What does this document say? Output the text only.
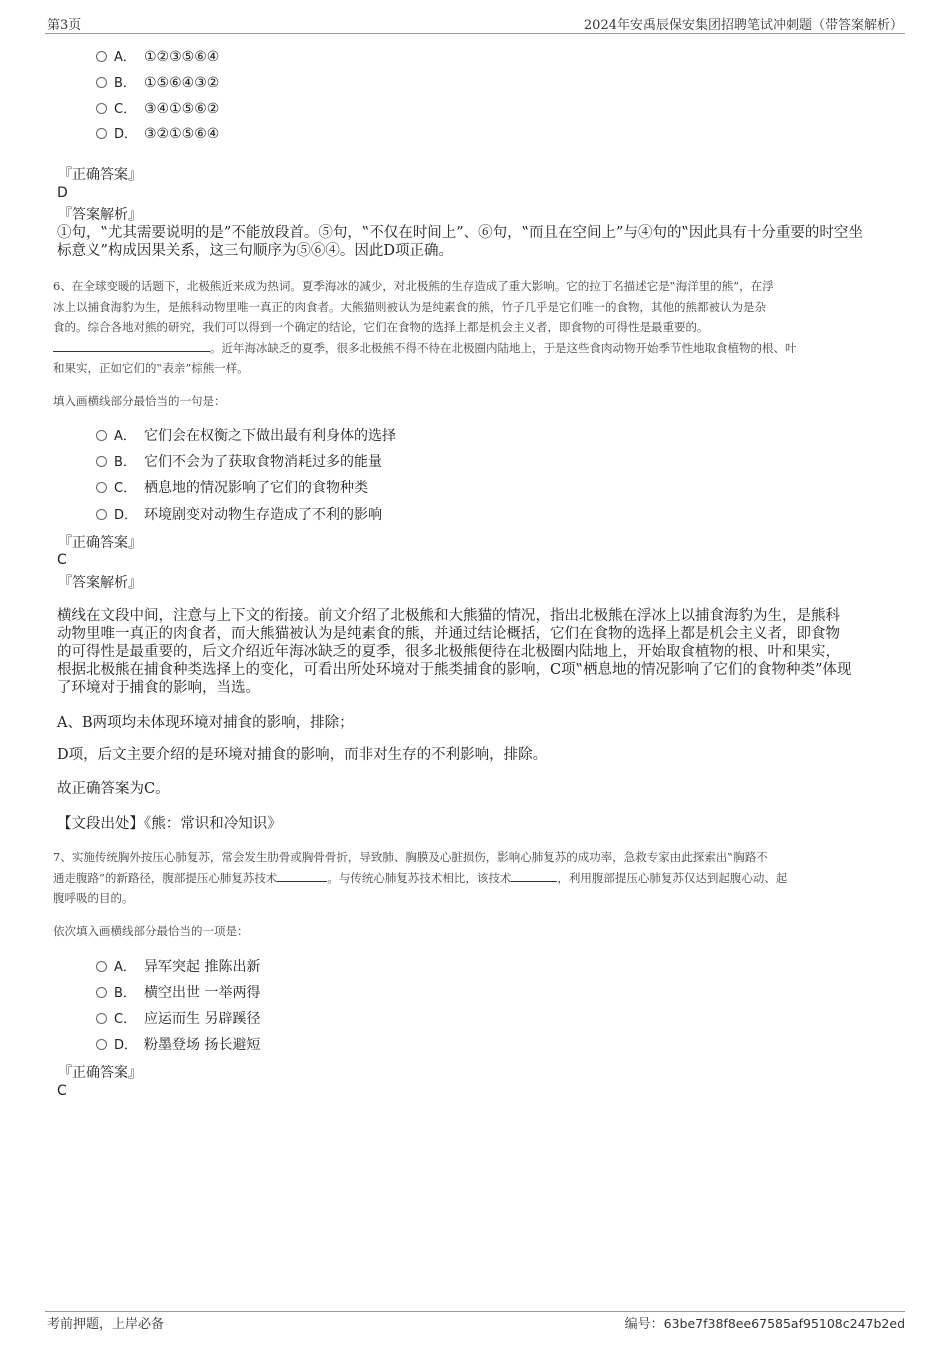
第3页	2024年安禹辰保安集团招聘笔试冲刺题（带答案解析）
A． ①②③⑤⑥④
B． ①⑤⑥④③②
C． ③④①⑤⑥②
D． ③②①⑤⑥④
『正确答案』
D
『答案解析』
①句，‟尤其需要说明的是”不能放段首。⑤句，‟不仅在时间上”、⑥句，‟而且在空间上”与④句的‟因此具有十分重要的时空坐
标意义”构成因果关系，这三句顺序为⑤⑥④。因此D项正确。
6、在全球变暖的话题下，北极熊近来成为热词。夏季海冰的减少，对北极熊的生存造成了重大影响。它的拉丁名描述它是‟海洋里的熊”，在浮
冰上以捕食海豹为生，是熊科动物里唯一真正的肉食者。大熊猫则被认为是纯素食的熊，竹子几乎是它们唯一的食物，其他的熊都被认为是杂
食的。综合各地对熊的研究，我们可以得到一个确定的结论，它们在食物的选择上都是机会主义者，即食物的可得性是最重要的。
。近年海冰缺乏的夏季，很多北极熊不得不待在北极圈内陆地上，于是这些食肉动物开始季节性地取食植物的根、叶
和果实，正如它们的‟表亲”棕熊一样。
填入画横线部分最恰当的一句是：
A． 它们会在权衡之下做出最有利身体的选择
B． 它们不会为了获取食物消耗过多的能量
C． 栖息地的情况影响了它们的食物种类
D． 环境剧变对动物生存造成了不利的影响
『正确答案』
C
『答案解析』
横线在文段中间，注意与上下文的衔接。前文介绍了北极熊和大熊猫的情况，指出北极熊在浮冰上以捕食海豹为生，是熊科
动物里唯一真正的肉食者，而大熊猫被认为是纯素食的熊，并通过结论概括，它们在食物的选择上都是机会主义者，即食物
的可得性是最重要的，后文介绍近年海冰缺乏的夏季，很多北极熊便待在北极圈内陆地上，开始取食植物的根、叶和果实，
根据北极熊在捕食种类选择上的变化，可看出所处环境对于熊类捕食的影响，C项‟栖息地的情况影响了它们的食物种类”体现
了环境对于捕食的影响，当选。
A、B两项均未体现环境对捕食的影响，排除；
D项，后文主要介绍的是环境对捕食的影响，而非对生存的不利影响，排除。
故正确答案为C。
【文段出处】《熊：常识和冷知识》
7、实施传统胸外按压心肺复苏，常会发生肋骨或胸骨骨折，导致肺、胸膜及心脏损伤，影响心肺复苏的成功率，急救专家由此探索出‟胸路不
通走腹路”的新路径，腹部提压心肺复苏技术	。与传统心肺复苏技术相比，该技术	，利用腹部提压心肺复苏仅达到起腹心动、起
腹呼吸的目的。
依次填入画横线部分最恰当的一项是：
A． 异军突起 推陈出新
B． 横空出世 一举两得
C． 应运而生 另辟蹊径
D． 粉墨登场 扬长避短
『正确答案』
C
考前押题，上岸必备	编号：63be7f38f8ee67585af95108c247b2ed
